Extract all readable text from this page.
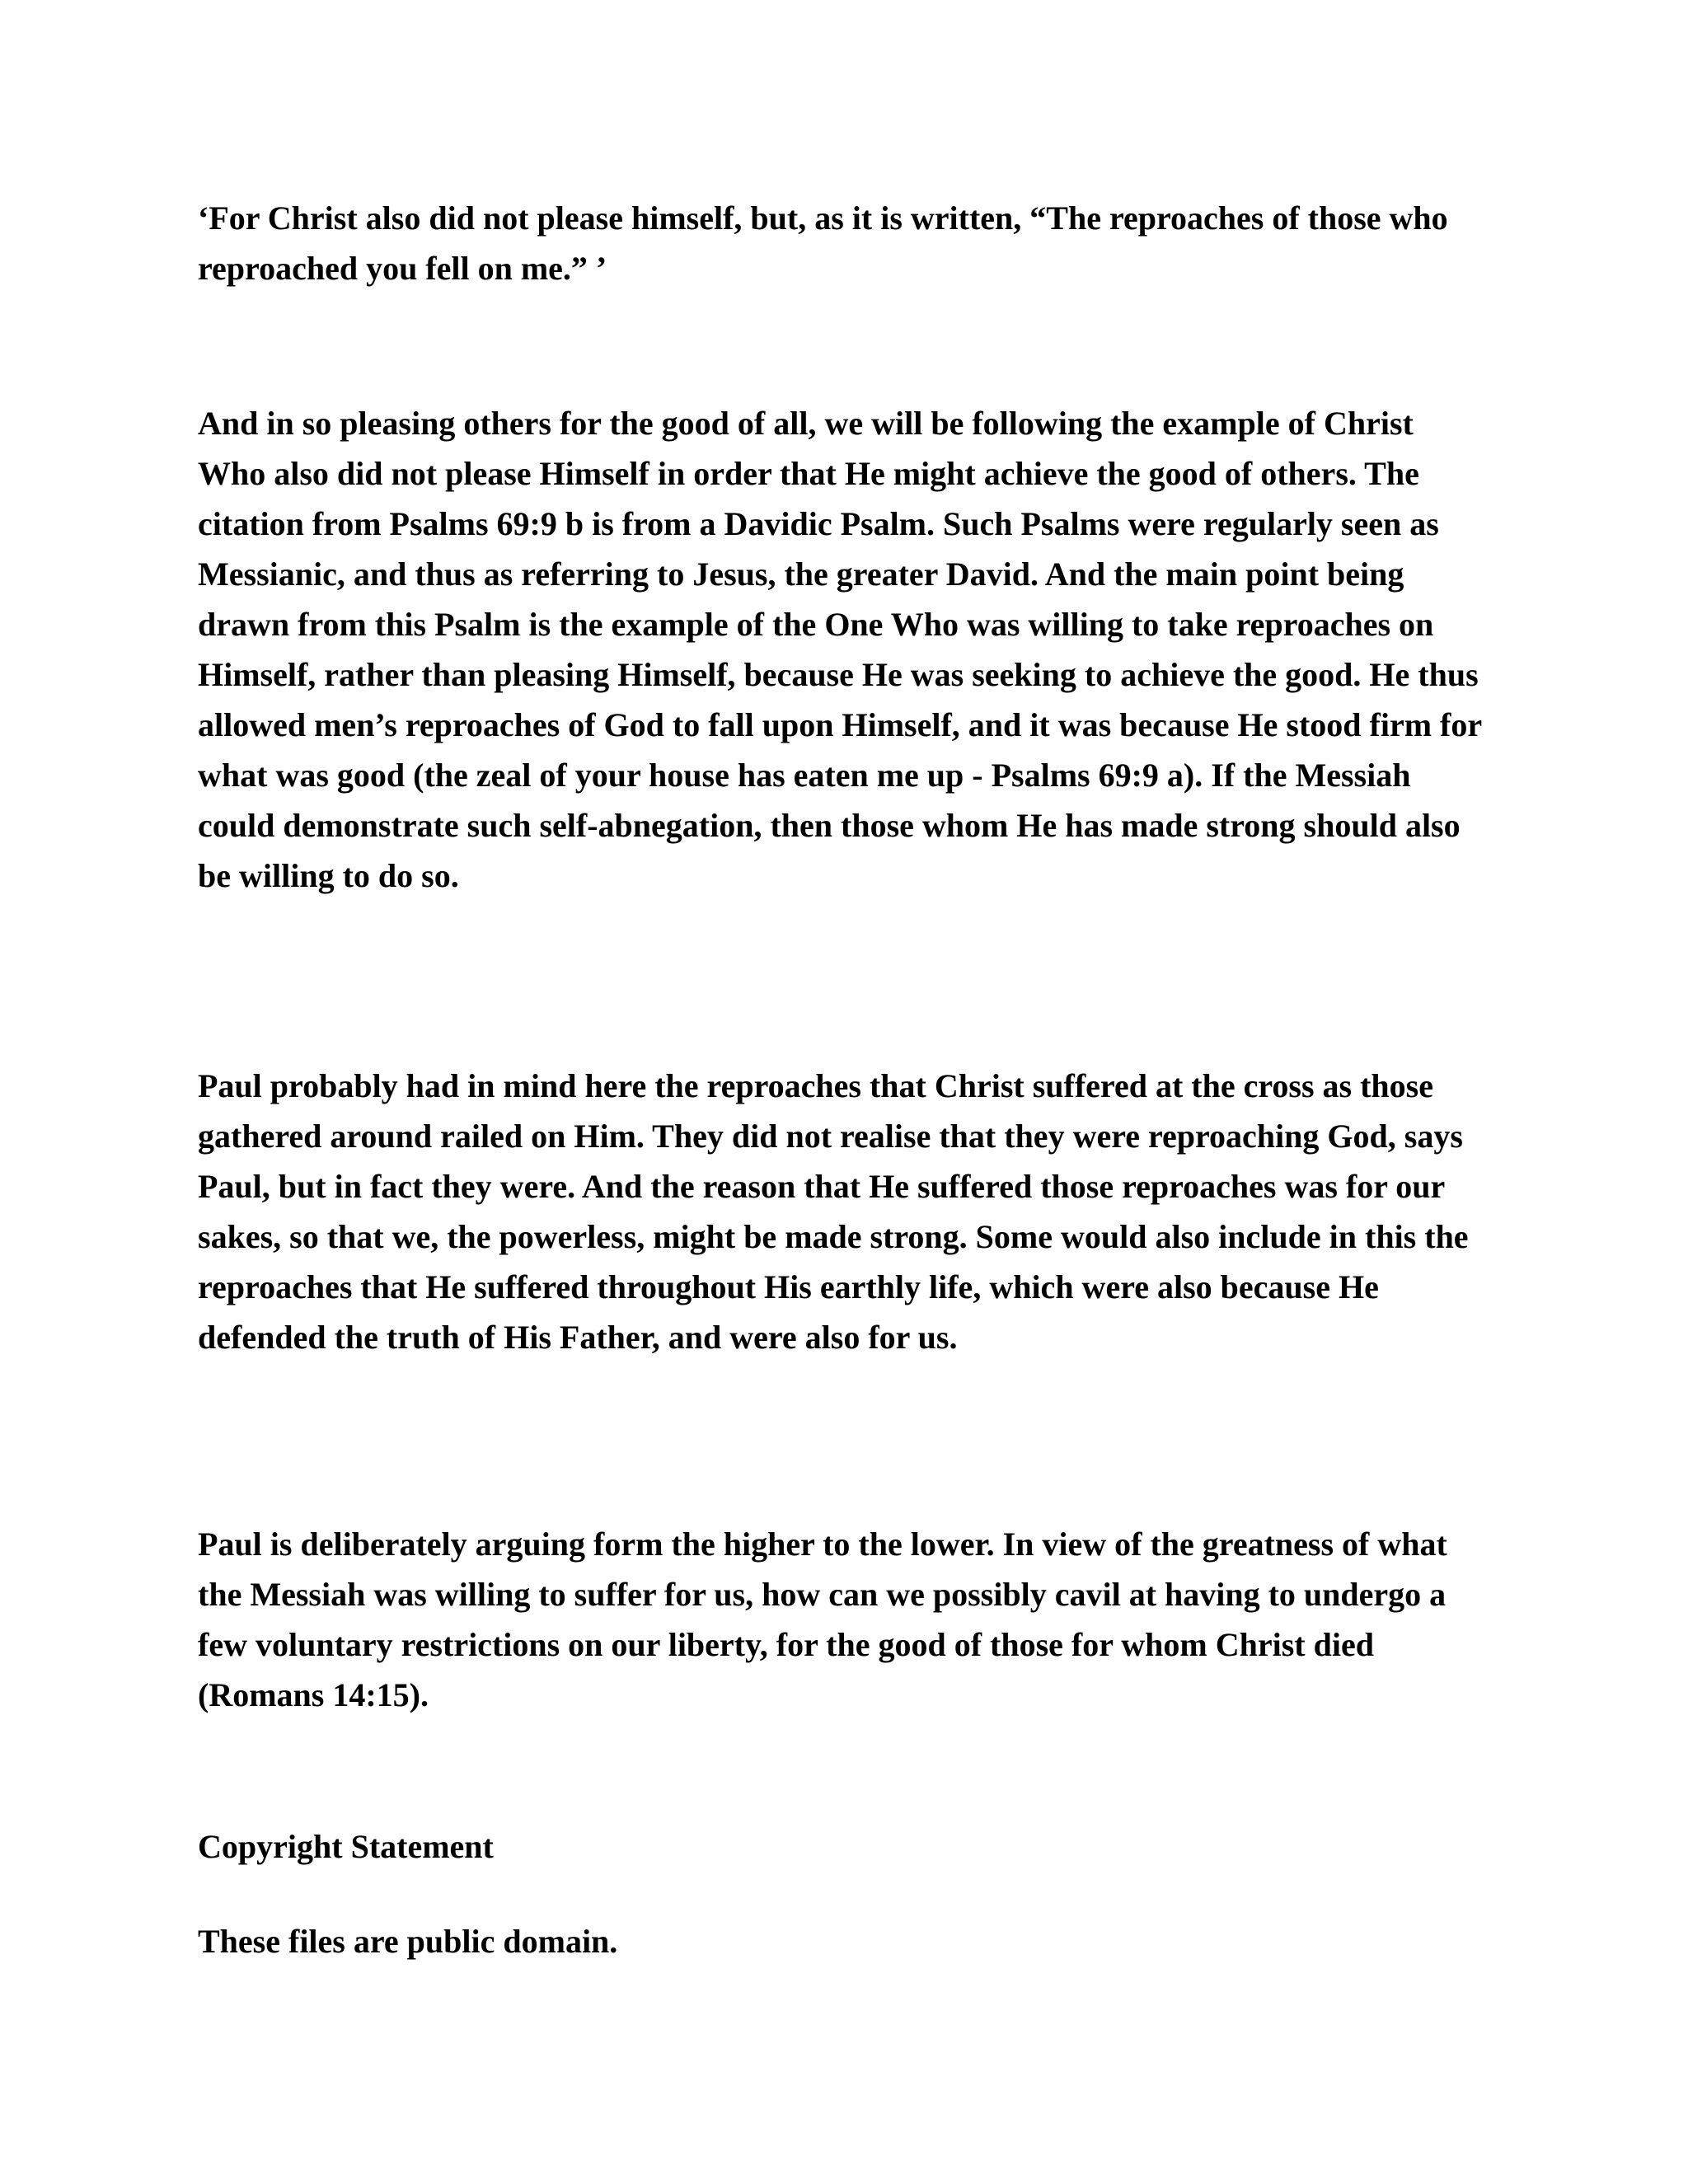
‘For Christ also did not please himself, but, as it is written, “The reproaches of those who reproached you fell on me.” ’

And in so pleasing others for the good of all, we will be following the example of Christ Who also did not please Himself in order that He might achieve the good of others. The citation from Psalms 69:9 b is from a Davidic Psalm. Such Psalms were regularly seen as Messianic, and thus as referring to Jesus, the greater David. And the main point being drawn from this Psalm is the example of the One Who was willing to take reproaches on Himself, rather than pleasing Himself, because He was seeking to achieve the good. He thus allowed men’s reproaches of God to fall upon Himself, and it was because He stood firm for what was good (the zeal of your house has eaten me up - Psalms 69:9 a). If the Messiah could demonstrate such self-abnegation, then those whom He has made strong should also be willing to do so.

Paul probably had in mind here the reproaches that Christ suffered at the cross as those gathered around railed on Him. They did not realise that they were reproaching God, says Paul, but in fact they were. And the reason that He suffered those reproaches was for our sakes, so that we, the powerless, might be made strong. Some would also include in this the reproaches that He suffered throughout His earthly life, which were also because He defended the truth of His Father, and were also for us.

Paul is deliberately arguing form the higher to the lower. In view of the greatness of what the Messiah was willing to suffer for us, how can we possibly cavil at having to undergo a few voluntary restrictions on our liberty, for the good of those for whom Christ died (Romans 14:15).

Copyright Statement

These files are public domain.
